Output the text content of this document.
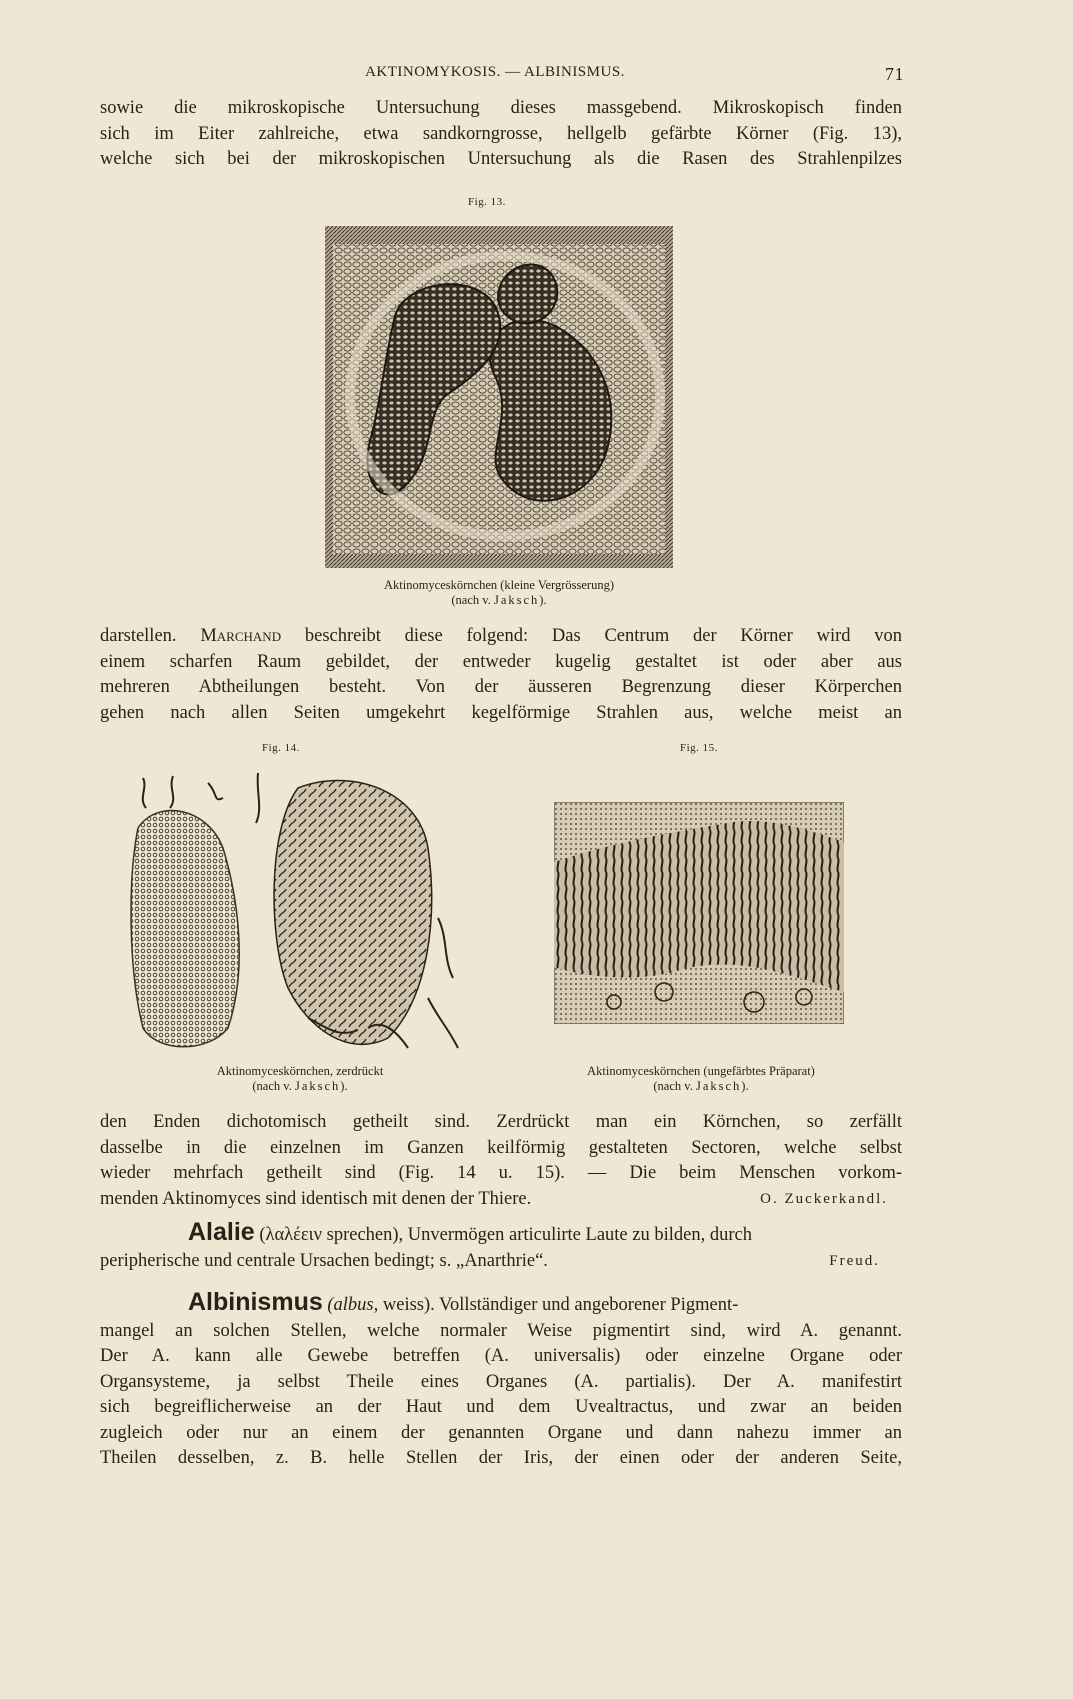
AKTINOMYKOSIS. — ALBINISMUS.	71
sowie die mikroskopische Untersuchung dieses massgebend. Mikroskopisch finden
sich im Eiter zahlreiche, etwa sandkorngrosse, hellgelb gefärbte Körner (Fig. 13),
welche sich bei der mikroskopischen Untersuchung als die Rasen des Strahlenpilzes
Fig. 13.
Aktinomyceskörnchen (kleine Vergrösserung)
(nach v. Jaksch).
darstellen. Marchand beschreibt diese folgend: Das Centrum der Körner wird von
einem scharfen Raum gebildet, der entweder kugelig gestaltet ist oder aber aus
mehreren Abtheilungen besteht. Von der äusseren Begrenzung dieser Körperchen
gehen nach allen Seiten umgekehrt kegelförmige Strahlen aus, welche meist an
Fig. 14.
Aktinomyceskörnchen, zerdrückt
(nach v. Jaksch).
Fig. 15.
Aktinomyceskörnchen (ungefärbtes Präparat)
(nach v. Jaksch).
den Enden dichotomisch getheilt sind. Zerdrückt man ein Körnchen, so zerfällt
dasselbe in die einzelnen im Ganzen keilförmig gestalteten Sectoren, welche selbst
wieder mehrfach getheilt sind (Fig. 14 u. 15). — Die beim Menschen vorkom-
menden Aktinomyces sind identisch mit denen der Thiere.	O. Zuckerkandl.
Alalie (λαλέειν sprechen), Unvermögen articulirte Laute zu bilden, durch
peripherische und centrale Ursachen bedingt; s. „Anarthrie“.	Freud.
Albinismus (albus, weiss). Vollständiger und angeborener Pigment-
mangel an solchen Stellen, welche normaler Weise pigmentirt sind, wird A. genannt.
Der A. kann alle Gewebe betreffen (A. universalis) oder einzelne Organe oder
Organsysteme, ja selbst Theile eines Organes (A. partialis). Der A. manifestirt
sich begreiflicherweise an der Haut und dem Uvealtractus, und zwar an beiden
zugleich oder nur an einem der genannten Organe und dann nahezu immer an
Theilen desselben, z. B. helle Stellen der Iris, der einen oder der anderen Seite,
